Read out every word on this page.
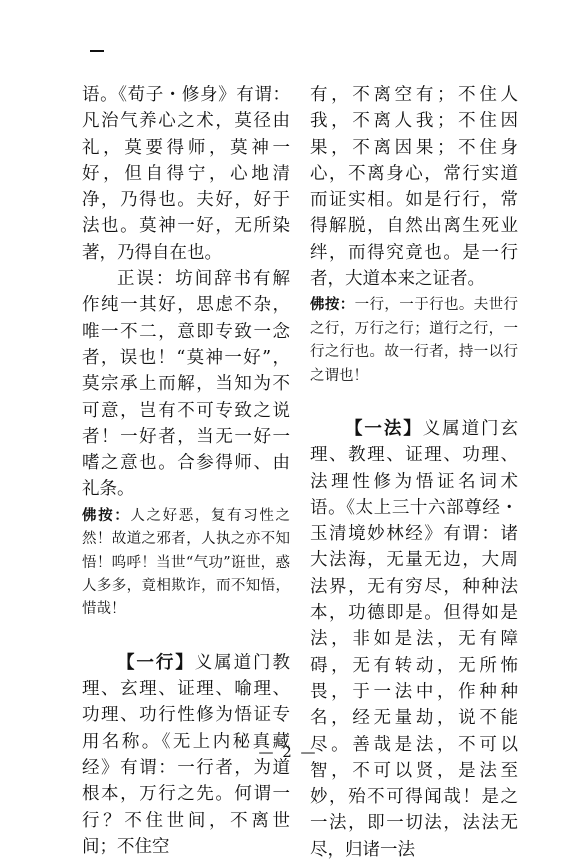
语。《荀子・修身》有谓：凡治气养心之术，莫径由礼，莫要得师，莫神一好，但自得宁，心地清净，乃得也。夫好，好于法也。莫神一好，无所染著，乃得自在也。

正误：坊间辞书有解作纯一其好，思虑不杂，唯一不二，意即专致一念者，误也！“莫神一好”，莫宗承上而解，当知为不可意，岂有不可专致之说者！一好者，当无一好一嗜之意也。合参得师、由礼条。

佛按：人之好恶，复有习性之然！故道之邪者，人执之亦不知悟！呜呼！当世“气功”诳世，惑人多多，竟相欺诈，而不知悟，惜哉！

【一行】义属道门教理、玄理、证理、喻理、功理、功行性修为悟证专用名称。《无上内秘真藏经》有谓：一行者，为道根本，万行之先。何谓一行？不住世间，不离世间；不住空

有，不离空有；不住人我，不离人我；不住因果，不离因果；不住身心，不离身心，常行实道而证实相。如是行行，常得解脱，自然出离生死业绊，而得究竟也。是一行者，大道本来之证者。

佛按：一行，一于行也。夫世行之行，万行之行；道行之行，一行之行也。故一行者，持一以行之谓也！

【一法】义属道门玄理、教理、证理、功理、法理性修为悟证名词术语。《太上三十六部尊经・玉清境妙林经》有谓：诸大法海，无量无边，大周法界，无有穷尽，种种法本，功德即是。但得如是法，非如是法，无有障碍，无有转动，无所怖畏，于一法中，作种种名，经无量劫，说不能尽。善哉是法，不可以智，不可以贤，是法至妙，殆不可得闻哉！是之一法，即一切法，法法无尽，归诸一法

— 2 —
